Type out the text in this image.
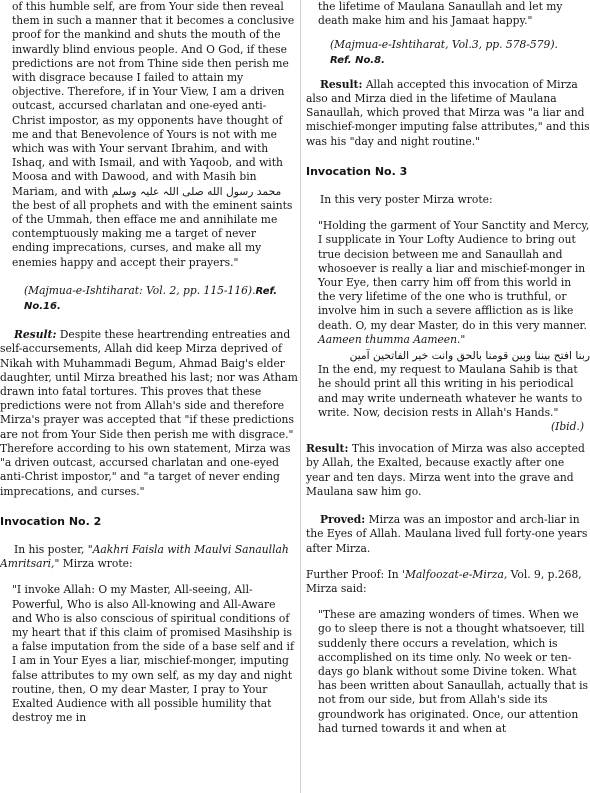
of this humble self, are from Your side then reveal them in such a manner that it becomes a conclusive proof for the mankind and shuts the mouth of the inwardly blind envious people. And O God, if these predictions are not from Thine side then perish me with disgrace because I failed to attain my objective. Therefore, if in Your View, I am a driven outcast, accursed charlatan and one-eyed anti-Christ impostor, as my opponents have thought of me and that Benevolence of Yours is not with me which was with Your servant Ibrahim, and with Ishaq, and with Ismail, and with Yaqoob, and with Moosa and with Dawood, and with Masih bin Mariam, and with محمد رسول الله صلی اللہ علیہ وسلم the best of all prophets and with the eminent saints of the Ummah, then efface me and annihilate me contemptuously making me a target of never ending imprecations, curses, and make all my enemies happy and accept their prayers."

(Majmua-e-Ishtiharat: Vol. 2, pp. 115-116).Ref. No.16.

Result: Despite these heartrending entreaties and self-accursements, Allah did keep Mirza deprived of Nikah with Muhammadi Begum, Ahmad Baig's elder daughter, until Mirza breathed his last; nor was Atham drawn into fatal tortures. This proves that these predictions were not from Allah's side and therefore Mirza's prayer was accepted that "if these predictions are not from Your Side then perish me with disgrace." Therefore according to his own statement, Mirza was "a driven outcast, accursed charlatan and one-eyed anti-Christ impostor," and "a target of never ending imprecations, and curses."

Invocation No. 2

In his poster, "Aakhri Faisla with Maulvi Sanaullah Amritsari," Mirza wrote:

"I invoke Allah: O my Master, All-seeing, All-Powerful, Who is also All-knowing and All-Aware and Who is also conscious of spiritual conditions of my heart that if this claim of promised Masihship is a false imputation from the side of a base self and if I am in Your Eyes a liar, mischief-monger, imputing false attributes to my own self, as my day and night routine, then, O my dear Master, I pray to Your Exalted Audience with all possible humility that destroy me in

the lifetime of Maulana Sanaullah and let my death make him and his Jamaat happy."

(Majmua-e-Ishtiharat, Vol.3, pp. 578-579).
Ref. No.8.

Result: Allah accepted this invocation of Mirza also and Mirza died in the lifetime of Maulana Sanaullah, which proved that Mirza was "a liar and mischief-monger imputing false attributes," and this was his "day and night routine."

Invocation No. 3

In this very poster Mirza wrote:

"Holding the garment of Your Sanctity and Mercy, I supplicate in Your Lofty Audience to bring out true decision between me and Sanaullah and whosoever is really a liar and mischief-monger in Your Eye, then carry him off from this world in the very lifetime of the one who is truthful, or involve him in such a severe affliction as is like death. O, my dear Master, do in this very manner. Aameen thumma Aameen."

ربنا افتح بیننا وبین قومنا بالحق وانت خیر الفاتحین آمین

In the end, my request to Maulana Sahib is that he should print all this writing in his periodical and may write underneath whatever he wants to write. Now, decision rests in Allah's Hands."

(Ibid.)

Result: This invocation of Mirza was also accepted by Allah, the Exalted, because exactly after one year and ten days. Mirza went into the grave and Maulana saw him go.

Proved: Mirza was an impostor and arch-liar in the Eyes of Allah. Maulana lived full forty-one years after Mirza.

Further Proof: In 'Malfoozat-e-Mirza, Vol. 9, p.268, Mirza said:

"These are amazing wonders of times. When we go to sleep there is not a thought whatsoever, till suddenly there occurs a revelation, which is accomplished on its time only. No week or ten-days go blank without some Divine token. What has been written about Sanaullah, actually that is not from our side, but from Allah's side its groundwork has originated. Once, our attention had turned towards it and when at
